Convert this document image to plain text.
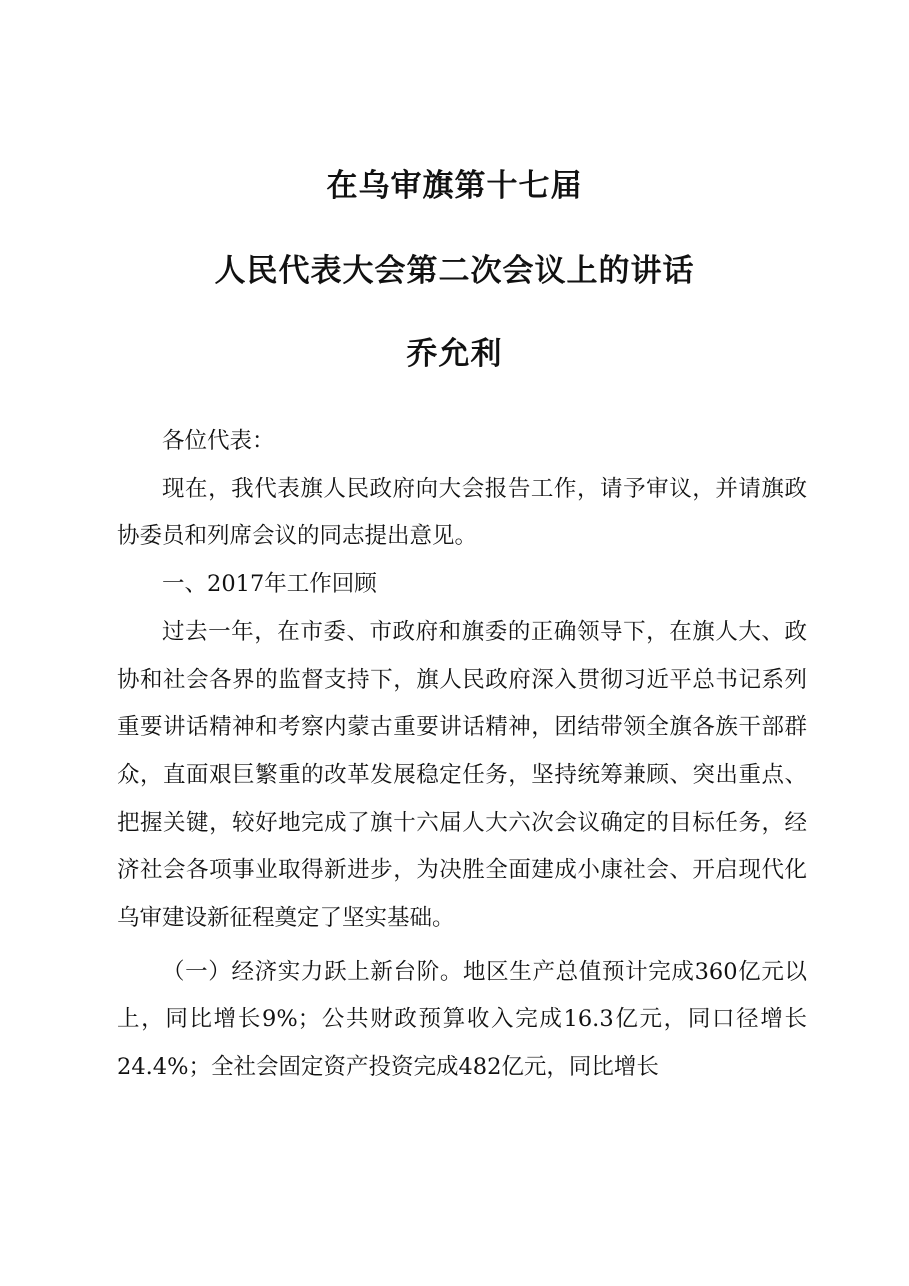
在乌审旗第十七届
人民代表大会第二次会议上的讲话
乔允利

各位代表：

现在，我代表旗人民政府向大会报告工作，请予审议，并请旗政协委员和列席会议的同志提出意见。

一、2017年工作回顾

过去一年，在市委、市政府和旗委的正确领导下，在旗人大、政协和社会各界的监督支持下，旗人民政府深入贯彻习近平总书记系列重要讲话精神和考察内蒙古重要讲话精神，团结带领全旗各族干部群众，直面艰巨繁重的改革发展稳定任务，坚持统筹兼顾、突出重点、把握关键，较好地完成了旗十六届人大六次会议确定的目标任务，经济社会各项事业取得新进步，为决胜全面建成小康社会、开启现代化乌审建设新征程奠定了坚实基础。

（一）经济实力跃上新台阶。地区生产总值预计完成360亿元以上，同比增长9%；公共财政预算收入完成16.3亿元，同口径增长24.4%；全社会固定资产投资完成482亿元，同比增长
